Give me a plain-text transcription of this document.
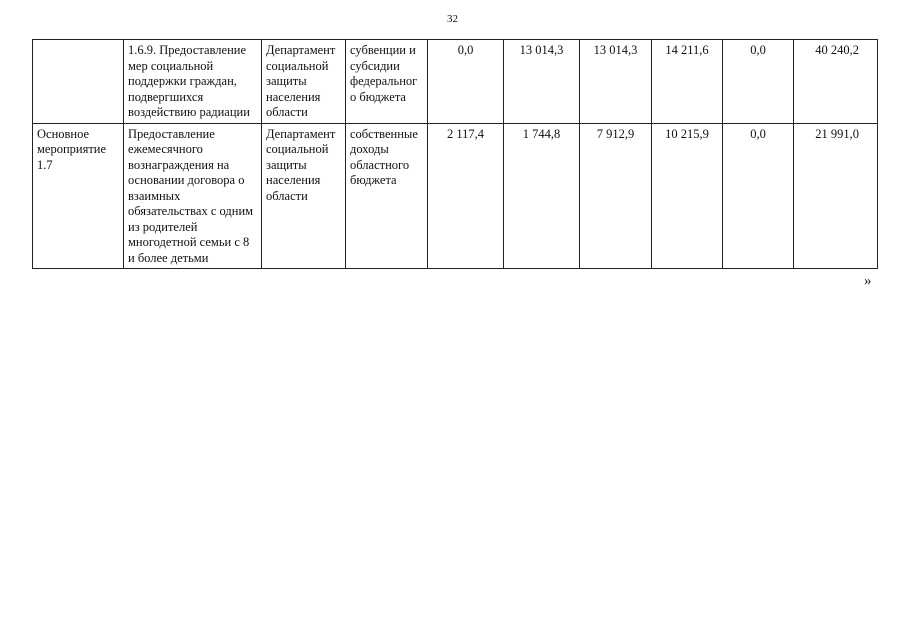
32
	1.6.9. Предоставление мер социальной поддержки граждан, подвергшихся воздействию радиации	Департамент социальной защиты населения области	субвенции и субсидии федеральног о бюджета	0,0	13 014,3	13 014,3	14 211,6	0,0	40 240,2
Основное мероприятие 1.7	Предоставление ежемесячного вознаграждения на основании договора о взаимных обязательствах с одним из родителей многодетной семьи с 8 и более детьми	Департамент социальной защиты населения области	собственные доходы областного бюджета	2 117,4	1 744,8	7 912,9	10 215,9	0,0	21 991,0
»
